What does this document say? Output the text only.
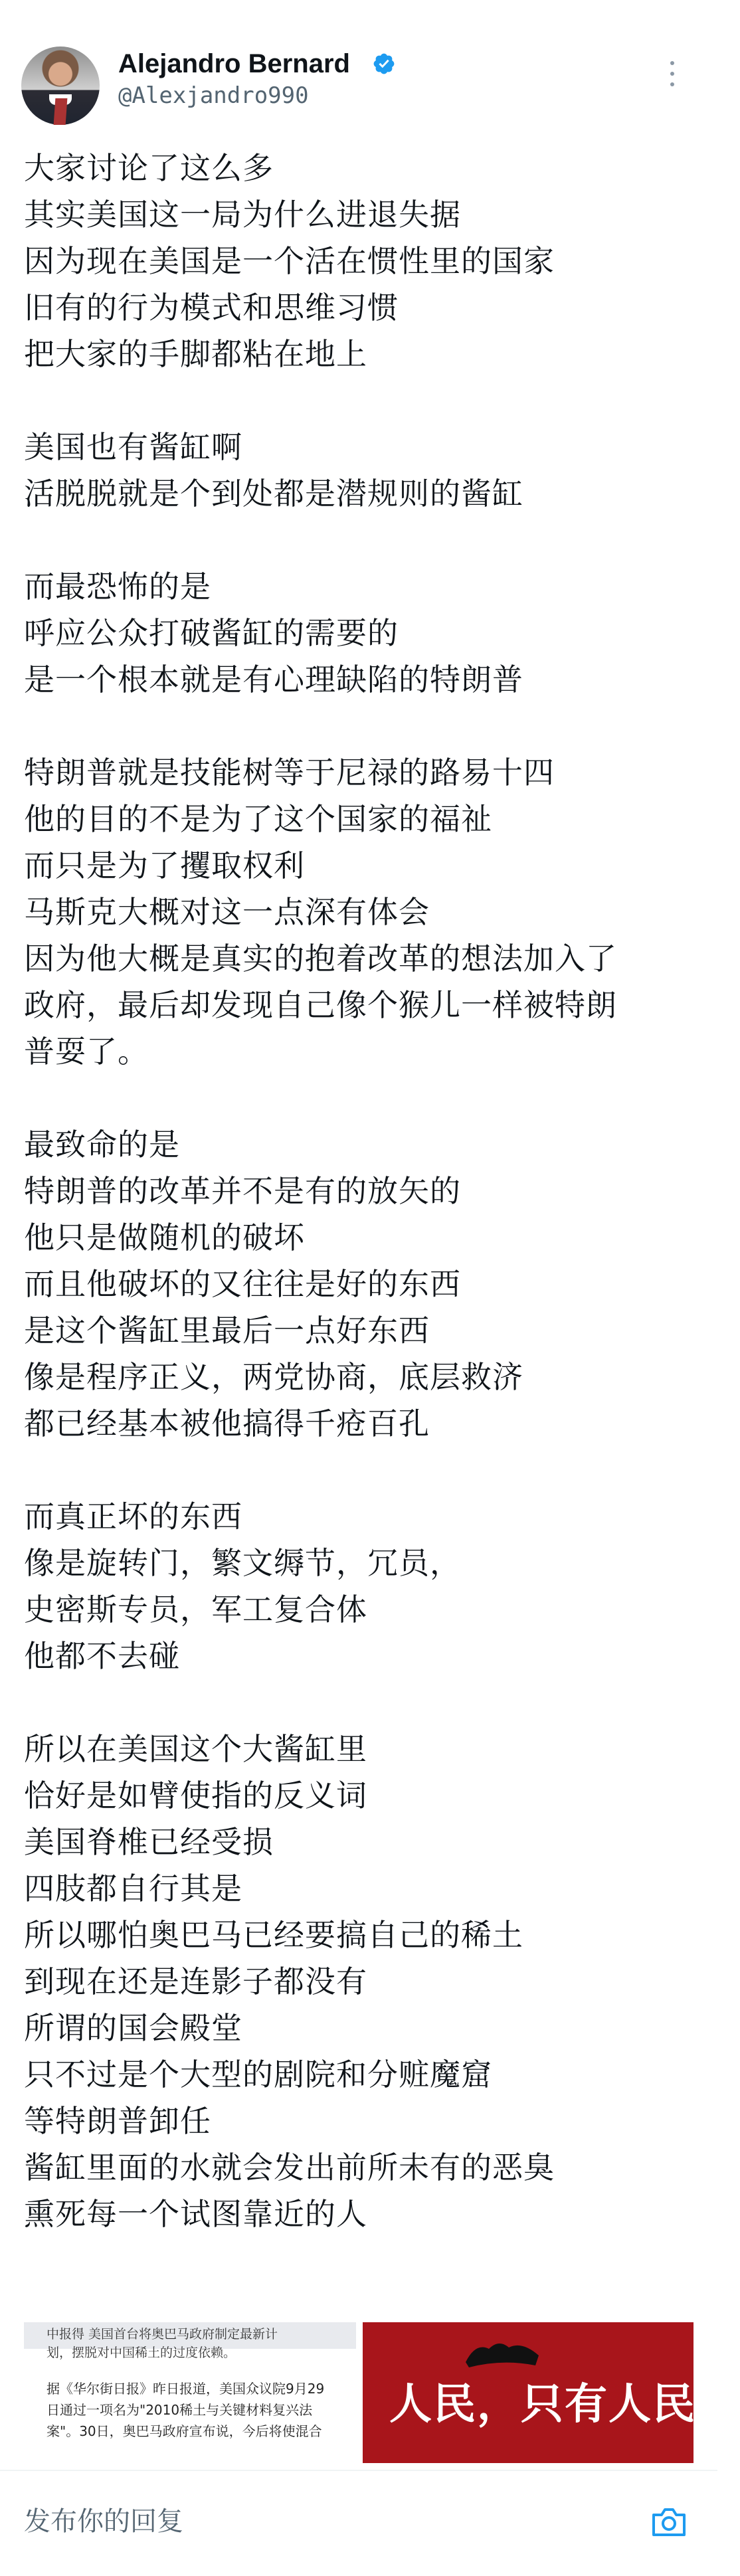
Alejandro Bernard
@Alexjandro990
大家讨论了这么多
其实美国这一局为什么进退失据
因为现在美国是一个活在惯性里的国家
旧有的行为模式和思维习惯
把大家的手脚都粘在地上

美国也有酱缸啊
活脱脱就是个到处都是潜规则的酱缸

而最恐怖的是
呼应公众打破酱缸的需要的
是一个根本就是有心理缺陷的特朗普

特朗普就是技能树等于尼禄的路易十四
他的目的不是为了这个国家的福祉
而只是为了攫取权利
马斯克大概对这一点深有体会
因为他大概是真实的抱着改革的想法加入了
政府，最后却发现自己像个猴儿一样被特朗
普耍了。

最致命的是
特朗普的改革并不是有的放矢的
他只是做随机的破坏
而且他破坏的又往往是好的东西
是这个酱缸里最后一点好东西
像是程序正义，两党协商，底层救济
都已经基本被他搞得千疮百孔

而真正坏的东西
像是旋转门，繁文缛节，冗员，
史密斯专员，军工复合体
他都不去碰

所以在美国这个大酱缸里
恰好是如臂使指的反义词
美国脊椎已经受损
四肢都自行其是
所以哪怕奥巴马已经要搞自己的稀土
到现在还是连影子都没有
所谓的国会殿堂
只不过是个大型的剧院和分赃魔窟
等特朗普卸任
酱缸里面的水就会发出前所未有的恶臭
熏死每一个试图靠近的人
中报得 美国首台将奥巴马政府制定最新计
划，摆脱对中国稀土的过度依赖。
据《华尔街日报》昨日报道，美国众议院9月29
日通过一项名为"2010稀土与关键材料复兴法
案"。30日，奥巴马政府宣布说，今后将使混合
人民，只有人民，
发布你的回复
